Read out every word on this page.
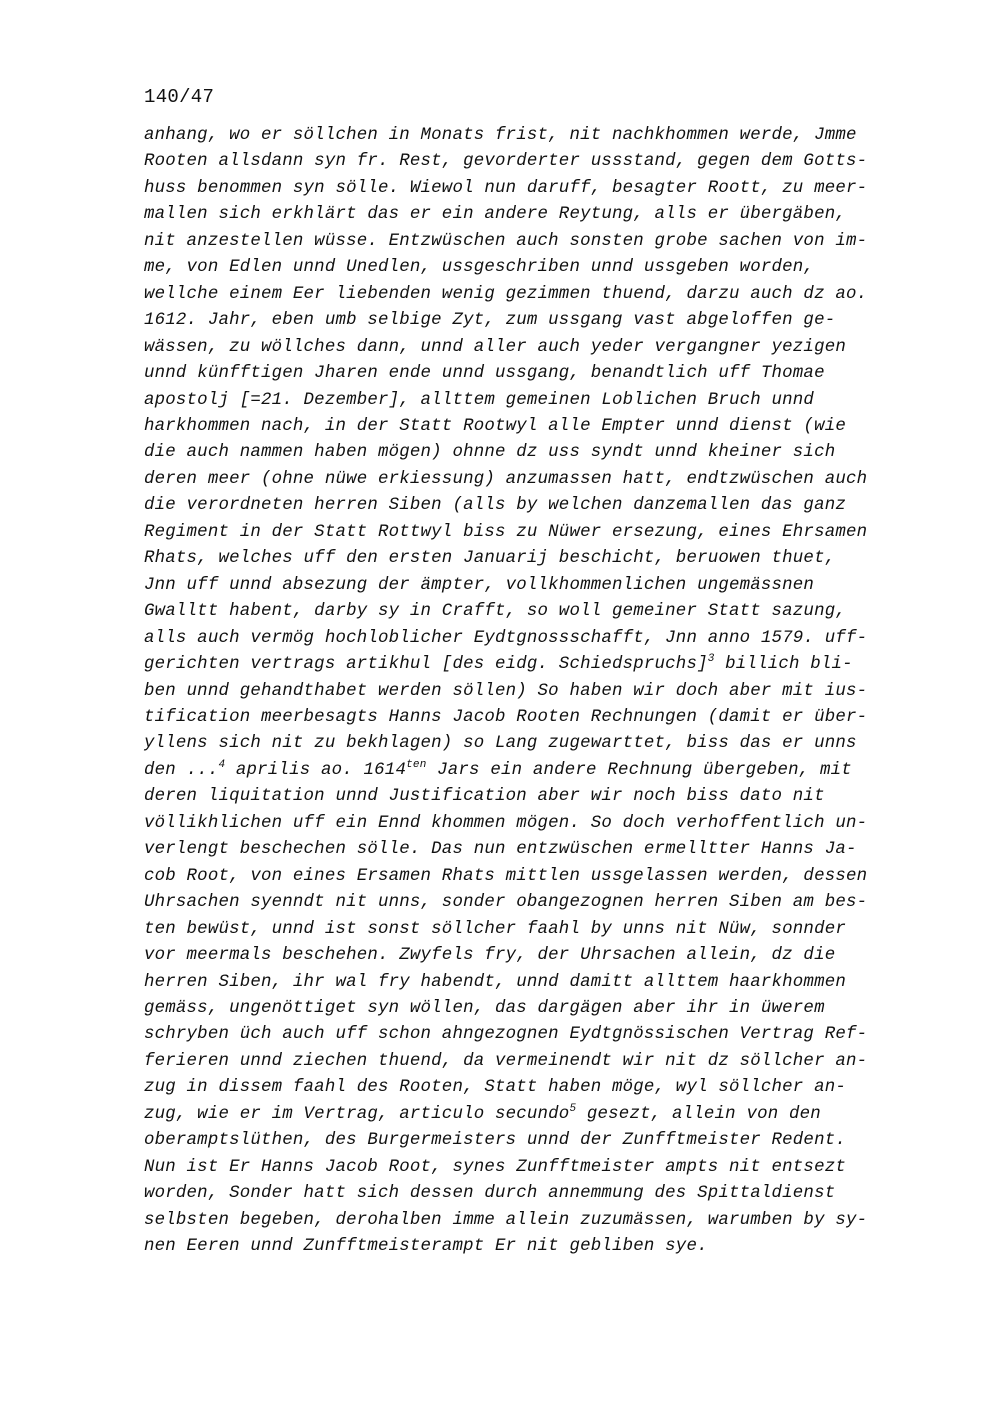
140/47
anhang, wo er söllchen in Monats frist, nit nachkhommen werde, Jmme
Rooten allsdann syn fr. Rest, gevorderter ussstand, gegen dem Gotts-
huss benommen syn sölle. Wiewol nun daruff, besagter Roott, zu meer-
mallen sich erkhlärt das er ein andere Reytung, alls er übergäben,
nit anzestellen wüsse. Entzwüschen auch sonsten grobe sachen von im-
me, von Edlen unnd Unedlen, ussgeschriben unnd ussgeben worden,
wellche einem Eer liebenden wenig gezimmen thuend, darzu auch dz ao.
1612. Jahr, eben umb selbige Zyt, zum ussgang vast abgeloffen ge-
wässen, zu wöllches dann, unnd aller auch yeder vergangner yezigen
unnd künfftigen Jharen ende unnd ussgang, benandtlich uff Thomae
apostolj [=21. Dezember], allttem gemeinen Loblichen Bruch unnd
harkhommen nach, in der Statt Rootwyl alle Empter unnd dienst (wie
die auch nammen haben mögen) ohnne dz uss syndt unnd kheiner sich
deren meer (ohne nüwe erkiessung) anzumassen hatt, endtzwüschen auch
die verordneten herren Siben (alls by welchen danzemallen das ganz
Regiment in der Statt Rottwyl biss zu Nüwer ersezung, eines Ehrsamen
Rhats, welches uff den ersten Januarij beschicht, beruowen thuet,
Jnn uff unnd absezung der ämpter, vollkhommenlichen ungemässnen
Gwalltt habent, darby sy in Crafft, so woll gemeiner Statt sazung,
alls auch vermög hochloblicher Eydtgnossschafft, Jnn anno 1579. uff-
gerichten vertrags artikhul [des eidg. Schiedspruchs]$^3$ billich bli-
ben unnd gehandthabet werden söllen) So haben wir doch aber mit ius-
tification meerbesagts Hanns Jacob Rooten Rechnungen (damit er über-
yllens sich nit zu bekhlagen) so Lang zugewarttet, biss das er unns
den ...$^4$ aprilis ao. $1614^{ten}$ Jars ein andere Rechnung übergeben, mit
deren liquitation unnd Justification aber wir noch biss dato nit
völlikhlichen uff ein Ennd khommen mögen. So doch verhoffentlich un-
verlengt beschechen sölle. Das nun entzwüschen ermelltter Hanns Ja-
cob Root, von eines Ersamen Rhats mittlen ussgelassen werden, dessen
Uhrsachen syenndt nit unns, sonder obangezognen herren Siben am bes-
ten bewüst, unnd ist sonst söllcher faahl by unns nit Nüw, sonnder
vor meermals beschehen. Zwyfels fry, der Uhrsachen allein, dz die
herren Siben, ihr wal fry habendt, unnd damitt allttem haarkhommen
gemäss, ungenöttiget syn wöllen, das dargägen aber ihr in üwerem
schryben üch auch uff schon ahngezognen Eydtgnössischen Vertrag Ref-
ferieren unnd ziechen thuend, da vermeinendt wir nit dz söllcher an-
zug in dissem faahl des Rooten, Statt haben möge, wyl söllcher an-
zug, wie er im Vertrag, articulo secundo$^5$ gesezt, allein von den
oberamptslüthen, des Burgermeisters unnd der Zunfftmeister Redent.
Nun ist Er Hanns Jacob Root, synes Zunfftmeister ampts nit entsezt
worden, Sonder hatt sich dessen durch annemmung des Spittaldienst
selbsten begeben, derohalben imme allein zuzumässen, warumben by sy-
nen Eeren unnd Zunfftmeisterampt Er nit gebliben sye.
